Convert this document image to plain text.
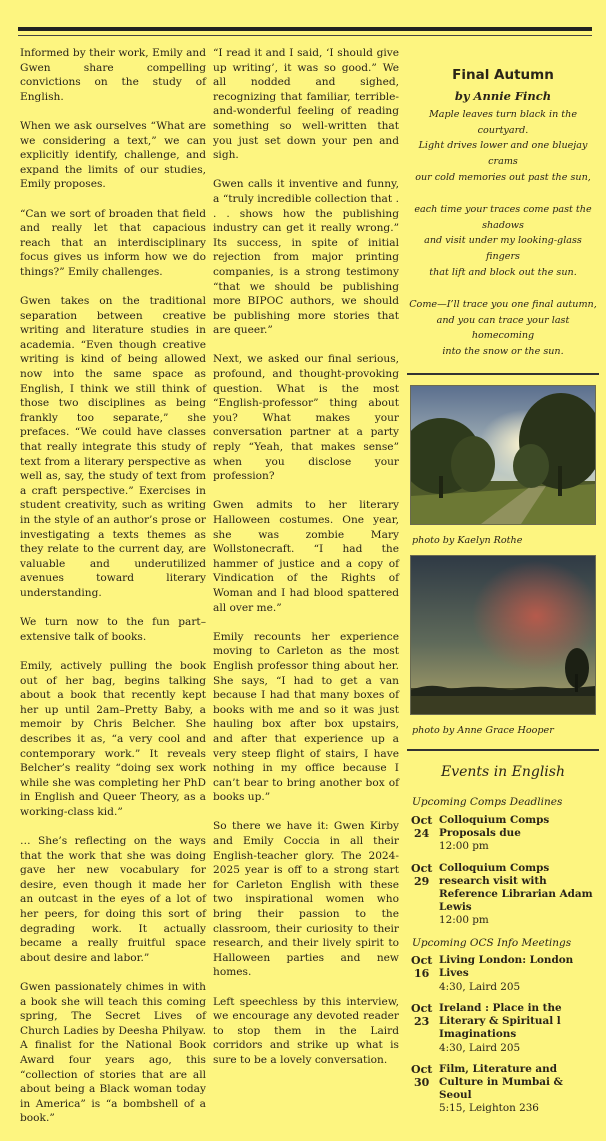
Informed by their work, Emily and Gwen share compelling convictions on the study of English.

When we ask ourselves “What are we considering a text,” we can explicitly identify, challenge, and expand the limits of our studies, Emily proposes.

“Can we sort of broaden that field and really let that capacious reach that an interdisciplinary focus gives us inform how we do things?” Emily challenges.

Gwen takes on the traditional separation between creative writing and literature studies in academia. “Even though creative writing is kind of being allowed now into the same space as English, I think we still think of those two disciplines as being frankly too separate,” she prefaces. “We could have classes that really integrate this study of text from a literary perspective as well as, say, the study of text from a craft perspective.” Exercises in student creativity, such as writing in the style of an author’s prose or investigating a texts themes as they relate to the current day, are valuable and underutilized avenues toward literary understanding.

We turn now to the fun part–extensive talk of books.

Emily, actively pulling the book out of her bag, begins talking about a book that recently kept her up until 2am–Pretty Baby, a memoir by Chris Belcher. She describes it as, “a very cool and contemporary work.” It reveals Belcher’s reality “doing sex work while she was completing her PhD in English and Queer Theory, as a working-class kid.”

… She’s reflecting on the ways that the work that she was doing gave her new vocabulary for desire, even though it made her an outcast in the eyes of a lot of her peers, for doing this sort of degrading work. It actually became a really fruitful space about desire and labor.”

Gwen passionately chimes in with a book she will teach this coming spring, The Secret Lives of Church Ladies by Deesha Philyaw. A finalist for the National Book Award four years ago, this “collection of stories that are all about being a Black woman today in America” is “a bombshell of a book.”

“I read it and I said, ‘I should give up writing’, it was so good.” We all nodded and sighed, recognizing that familiar, terrible-and-wonderful feeling of reading something so well-written that you just set down your pen and sigh.

Gwen calls it inventive and funny, a “truly incredible collection that . . . shows how the publishing industry can get it really wrong.” Its success, in spite of initial rejection from major printing companies, is a strong testimony “that we should be publishing more BIPOC authors, we should be publishing more stories that are queer.”

Next, we asked our final serious, profound, and thought-provoking question. What is the most “English-professor” thing about you? What makes your conversation partner at a party reply “Yeah, that makes sense” when you disclose your profession?

Gwen admits to her literary Halloween costumes. One year, she was zombie Mary Wollstonecraft. “I had the hammer of justice and a copy of Vindication of the Rights of Woman and I had blood spattered all over me.”

Emily recounts her experience moving to Carleton as the most English professor thing about her. She says, “I had to get a van because I had that many boxes of books with me and so it was just hauling box after box upstairs, and after that experience up a very steep flight of stairs, I have nothing in my office because I can’t bear to bring another box of books up.”

So there we have it: Gwen Kirby and Emily Coccia in all their English-teacher glory. The 2024-2025 year is off to a strong start for Carleton English with these two inspirational women who bring their passion to the classroom, their curiosity to their research, and their lively spirit to Halloween parties and new homes.

Left speechless by this interview, we encourage any devoted reader to stop them in the Laird corridors and strike up what is sure to be a lovely conversation.

Final Autumn
by Annie Finch
Maple leaves turn black in the courtyard.
Light drives lower and one bluejay crams
our cold memories out past the sun,
each time your traces come past the
shadows
and visit under my looking-glass fingers
that lift and block out the sun.
Come—I’ll trace you one final autumn,
and you can trace your last homecoming
into the snow or the sun.
photo by Kaelyn Rothe
photo by Anne Grace Hooper
Events in English
Upcoming Comps Deadlines
Oct
24
Colloquium Comps Proposals due
12:00 pm
Oct
29
Colloquium Comps research visit with Reference Librarian Adam Lewis
12:00 pm
Upcoming OCS Info Meetings
Oct
16
Living London: London Lives
4:30, Laird 205
Oct
23
Ireland : Place in the Literary & Spiritual l Imaginations
4:30, Laird 205
Oct
30
Film, Literature and Culture in Mumbai & Seoul
5:15, Leighton 236
